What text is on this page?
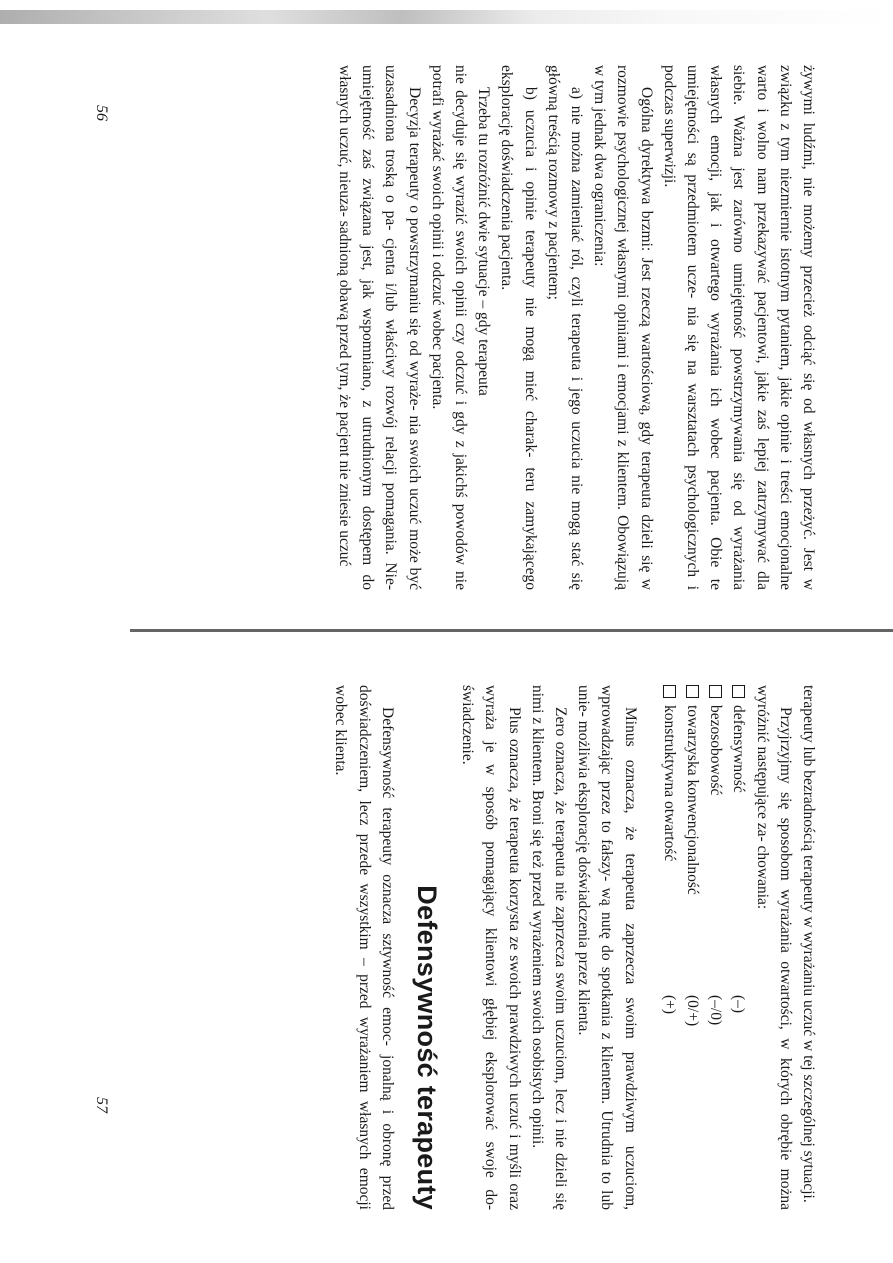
żywymi ludźmi, nie możemy przecież odciąć się od własnych przeżyć. Jest w związku z tym niezmiernie istotnym pytaniem, jakie opinie i treści emocjonalne warto i wolno nam przekazywać pacjentowi, jakie zaś lepiej zatrzymywać dla siebie. Ważna jest zarówno umiejętność powstrzymywania się od wyrażania własnych emocji, jak i otwartego wyrażania ich wobec pacjenta. Obie te umiejętności są przedmiotem ucze- nia się na warsztatach psychologicznych i podczas superwizji.

Ogólna dyrektywa brzmi: Jest rzeczą wartościową, gdy terapeuta dzieli się w rozmowie psychologicznej własnymi opiniami i emocjami z klientem. Obowiązują w tym jednak dwa ograniczenia:

a) nie można zamieniać ról, czyli terapeuta i jego uczucia nie mogą stać się główną treścią rozmowy z pacjentem;

b) uczucia i opinie terapeuty nie mogą mieć charak- teru zamykającego eksplorację doświadczenia pacjenta.

Trzeba tu rozróżnić dwie sytuacje – gdy terapeuta

nie decyduje się wyrazić swoich opinii czy odczuć i gdy z jakichś powodów nie potrafi wyrażać swoich opinii i odczuć wobec pacjenta.

Decyzja terapeuty o powstrzymaniu się od wyraże- nia swoich uczuć może być uzasadniona troską o pa- cjenta i/lub właściwy rozwój relacji pomagania. Nie- umiejętność zaś związana jest, jak wspomniano, z utrudnionym dostępem do własnych uczuć, nieuza- sadnioną obawą przed tym, że pacjent nie zniesie uczuć

56

terapeuty lub bezradnością terapeuty w wyrażaniu uczuć w tej szczególnej sytuacji.

Przyjrzyjmy się sposobom wyrażania otwartości, w których obrębie można wyróżnić następujące za- chowania:

defensywność
(–)
bezosobowość
(–/0)
towarzyska konwencjonalność
(0/+)
konstruktywna otwartość
(+)

Minus oznacza, że terapeuta zaprzecza swoim prawdziwym uczuciom, wprowadzając przez to fałszy- wą nutę do spotkania z klientem. Utrudnia to lub unie- możliwia eksplorację doświadczenia przez klienta.

Zero oznacza, że terapeuta nie zaprzecza swoim uczuciom, lecz i nie dzieli się nimi z klientem. Broni się też przed wyrażeniem swoich osobistych opinii.

Plus oznacza, że terapeuta korzysta ze swoich prawdziwych uczuć i myśli oraz wyraża je w sposób pomagający klientowi głębiej eksplorować swoje do- świadczenie.

Defensywność terapeuty

Defensywność terapeuty oznacza sztywność emoc- jonalną i obronę przed doświadczeniem, lecz przede wszystkim – przed wyrażaniem własnych emocji wobec klienta.

57
